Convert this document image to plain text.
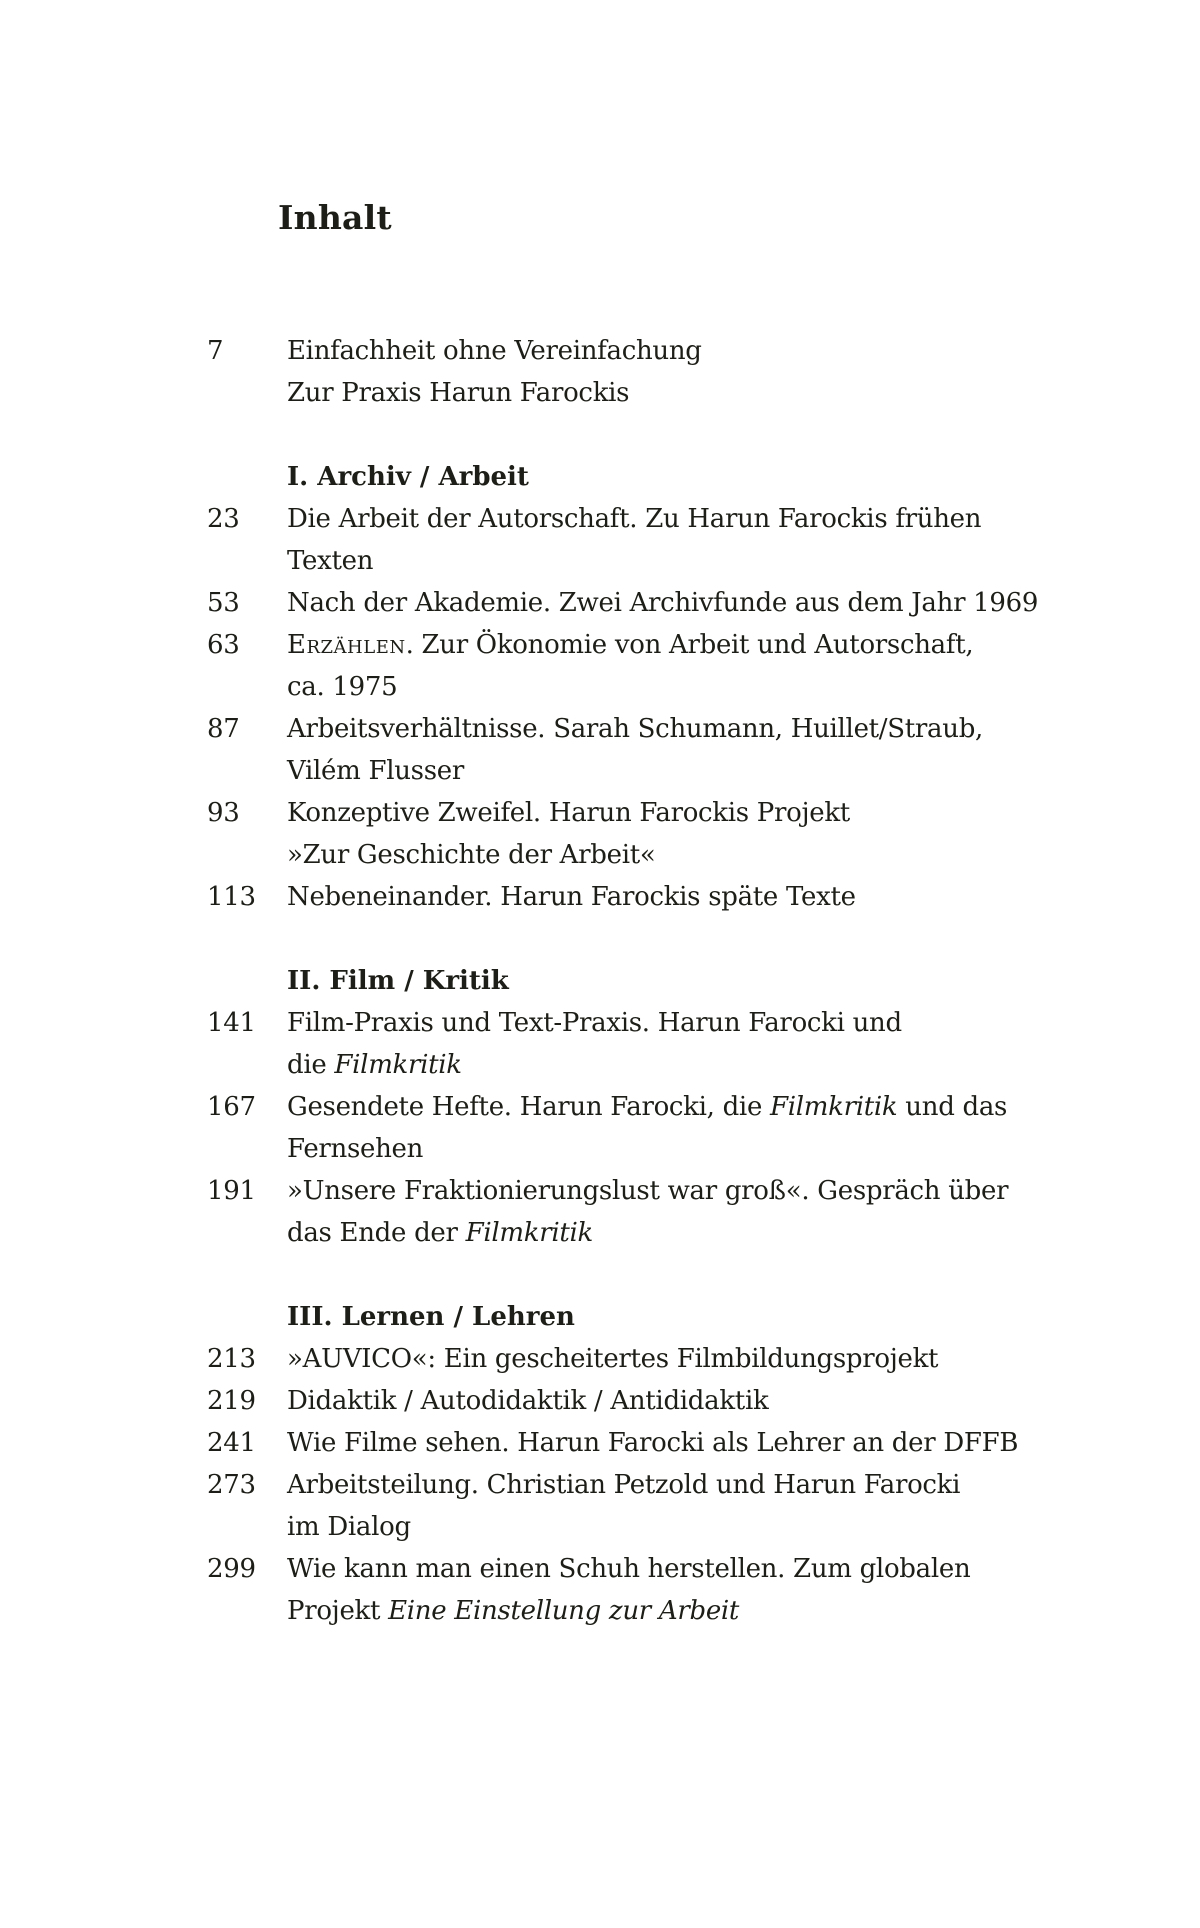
Inhalt
7	Einfachheit ohne Vereinfachung
Zur Praxis Harun Farockis
I. Archiv / Arbeit
23	Die Arbeit der Autorschaft. Zu Harun Farockis frühen
Texten
53	Nach der Akademie. Zwei Archivfunde aus dem Jahr 1969
63	Erzählen. Zur Ökonomie von Arbeit und Autorschaft,
ca. 1975
87	Arbeitsverhältnisse. Sarah Schumann, Huillet/Straub,
Vilém Flusser
93	Konzeptive Zweifel. Harun Farockis Projekt
»Zur Geschichte der Arbeit«
113	Nebeneinander. Harun Farockis späte Texte
II. Film / Kritik
141	Film-Praxis und Text-Praxis. Harun Farocki und
die Filmkritik
167	Gesendete Hefte. Harun Farocki, die Filmkritik und das
Fernsehen
191	»Unsere Fraktionierungslust war groß«. Gespräch über
das Ende der Filmkritik
III. Lernen / Lehren
213	»AUVICO«: Ein gescheitertes Filmbildungsprojekt
219	Didaktik / Autodidaktik / Antididaktik
241	Wie Filme sehen. Harun Farocki als Lehrer an der DFFB
273	Arbeitsteilung. Christian Petzold und Harun Farocki
im Dialog
299	Wie kann man einen Schuh herstellen. Zum globalen
Projekt Eine Einstellung zur Arbeit
